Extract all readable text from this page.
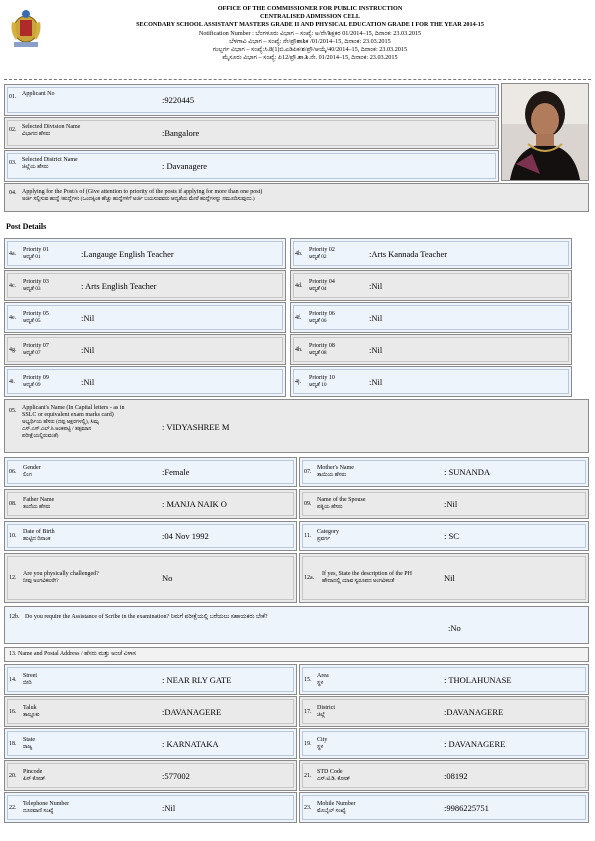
OFFICE OF THE COMMISSIONER FOR PUBLIC INSTRUCTION
CENTRALISED ADMISSION CELL
SECONDARY SCHOOL ASSISTANT MASTERS GRADE II AND PHYSICAL EDUCATION GRADE I FOR THE YEAR 2014-15
Notification Number : ಬೆಂಗಳೂರು ವಿಭಾಗ – ಸಂಖ್ಯೆ: ಅ/ನೇ/ಶಿಕ್ಷಕರ 01/2014–15, ದಿನಾಂಕ: 23.03.2015
ಬೆಳಗಾವಿ ವಿಭಾಗ – ಸಂಖ್ಯೆ: ನೇ/ಪ್ರೌಶಾಶಿಕ /01/2014–15, ದಿನಾಂಕ: 23.03.2015
ಗುಲ್ಬರ್ಗ ವಿಭಾಗ – ಸಂಖ್ಯೆ:ಸಿ.8(1)ಬಿ.ಎಡಿಪಿಕ/ಶ/ಪ್ರೌ/ಆಯ್ಕೆ/40/2014–15, ದಿನಾಂಕ: 23.03.2015
ಮೈಸೂರು ವಿಭಾಗ – ಸಂಖ್ಯೆ: ಪಿ12/ಪ್ರೌ.ಶಾ.ಶಿ.ನೇ. 01/2014–15, ದಿನಾಂಕ: 23.03.2015
01. Applicant No
:9220445
02. Selected Division Name
ವಿಭಾಗದ ಹೆಸರು	:Bangalore
03. Selected District Name
ಜಿಲ್ಲೆಯ ಹೆಸರು	: Davanagere
04. Applying for the Post/s of (Give attention to priority of the posts if applying for more than one post)
ಅರ್ಜಿ ಸಲ್ಲಿಸುವ ಹುದ್ದೆ /ಹುದ್ದೆಗಳು (ಒಂದಕ್ಕಿಂತ ಹೆಚ್ಚು ಹುದ್ದೆಗಳಿಗೆ ಅರ್ಜಿ ಬಯಸುವವರು ಆದ್ಯತೆಯ ಮೇರೆ ಹುದ್ದೆಗಳನ್ನು ನಮೂದಿಸುವುದು.)
Post Details
4a.
Priority 01
ಆದ್ಯತೆ 01	:Langauge English Teacher	4b.
Priority 02
ಆದ್ಯತೆ 02	:Arts Kannada Teacher
4c.
Priority 03
ಆದ್ಯತೆ 03	: Arts English Teacher	4d.
Priority 04
ಆದ್ಯತೆ 04	:Nil
4e.
Priority 05
ಆದ್ಯತೆ 05	:Nil	4f.
Priority 06
ಆದ್ಯತೆ 06	:Nil
4g.
Priority 07
ಆದ್ಯತೆ 07	:Nil	4h.
Priority 08
ಆದ್ಯತೆ 08	:Nil
4i.
Priority 09
ಆದ್ಯತೆ 09	:Nil	4j.
Priority 10
ಆದ್ಯತೆ 10	:Nil
05. Applicant's Name (In Capital letters - as in
SSLC or equivalent exam marks card)
ಅಭ್ಯರ್ಥಿಯ ಹೆಸರು (ದಪ್ಪ ಅಕ್ಷರಗಳಲ್ಲಿ), ಸಿಮ್ಸ
ಎಸ್.ಎಸ್.ಎಲ್.ಸಿ.ಅಂಕಪಟ್ಟಿ / ತತ್ಸಮಾನ
ಪರೀಕ್ಷೆಯಲ್ಲಿರುವಂತೆ)
: VIDYASHREE M
06.
Gender
ಲಿಂಗ	:Female	07.
Mother's Name
ತಾಯಿಯ ಹೆಸರು	: SUNANDA
08.
Father Name
ತಂದೆಯ ಹೆಸರು	: MANJA NAIK O	09.
Name of the Spouse
ಪತ್ನಿಯ ಹೆಸರು	:Nil
10.
Date of Birth
ಹುಟ್ಟಿದ ದಿನಾಂಕ	:04 Nov 1992	11.
Category
ಪ್ರವರ್ಗ	: SC
12.
Are you physically challenged?
ನೀವು ಅಂಗವಿಕಲರೇ?	No	12a.
If yes, State the description of the PH
ಹೌದಾದಲ್ಲಿ ಯಾವ ಸ್ವರೂಪದ ಅಂಗವಿಕಲತೆ	Nil
12b. Do you require the Assistance of Scribe in the examination? ನಿಮಗೆ ಪರೀಕ್ಷೆಯಲ್ಲಿ ಬರೆಯಲು ಸಹಾಯಕರು ಬೇಕೆ?
:No
13. Name and Postal Address / ಹೆಸರು ಮತ್ತು ಅಂಚೆ ವಿಳಾಸ
14.
Street
ಬೀದಿ	: NEAR RLY GATE	15.
Area
ಸ್ಥಳ	: THOLAHUNASE
16.
Taluk
ತಾಲ್ಲೂಕು	:DAVANAGERE	17.
District
ಜಿಲ್ಲೆ	:DAVANAGERE
18.
State
ರಾಜ್ಯ	: KARNATAKA	19.
City
ಸ್ಥಳ	: DAVANAGERE
20.
Pincode
ಪಿನ್ ಕೋಡ್	:577002	21.
STD Code
ಎಸ್.ಟಿ.ಡಿ. ಕೋಡ್	:08192
22.
Telephone Number
ದೂರವಾಣಿ ಸಂಖ್ಯೆ	:Nil	23.
Mobile Number
ಮೊಬೈಲ್ ಸಂಖ್ಯೆ	:9986225751
